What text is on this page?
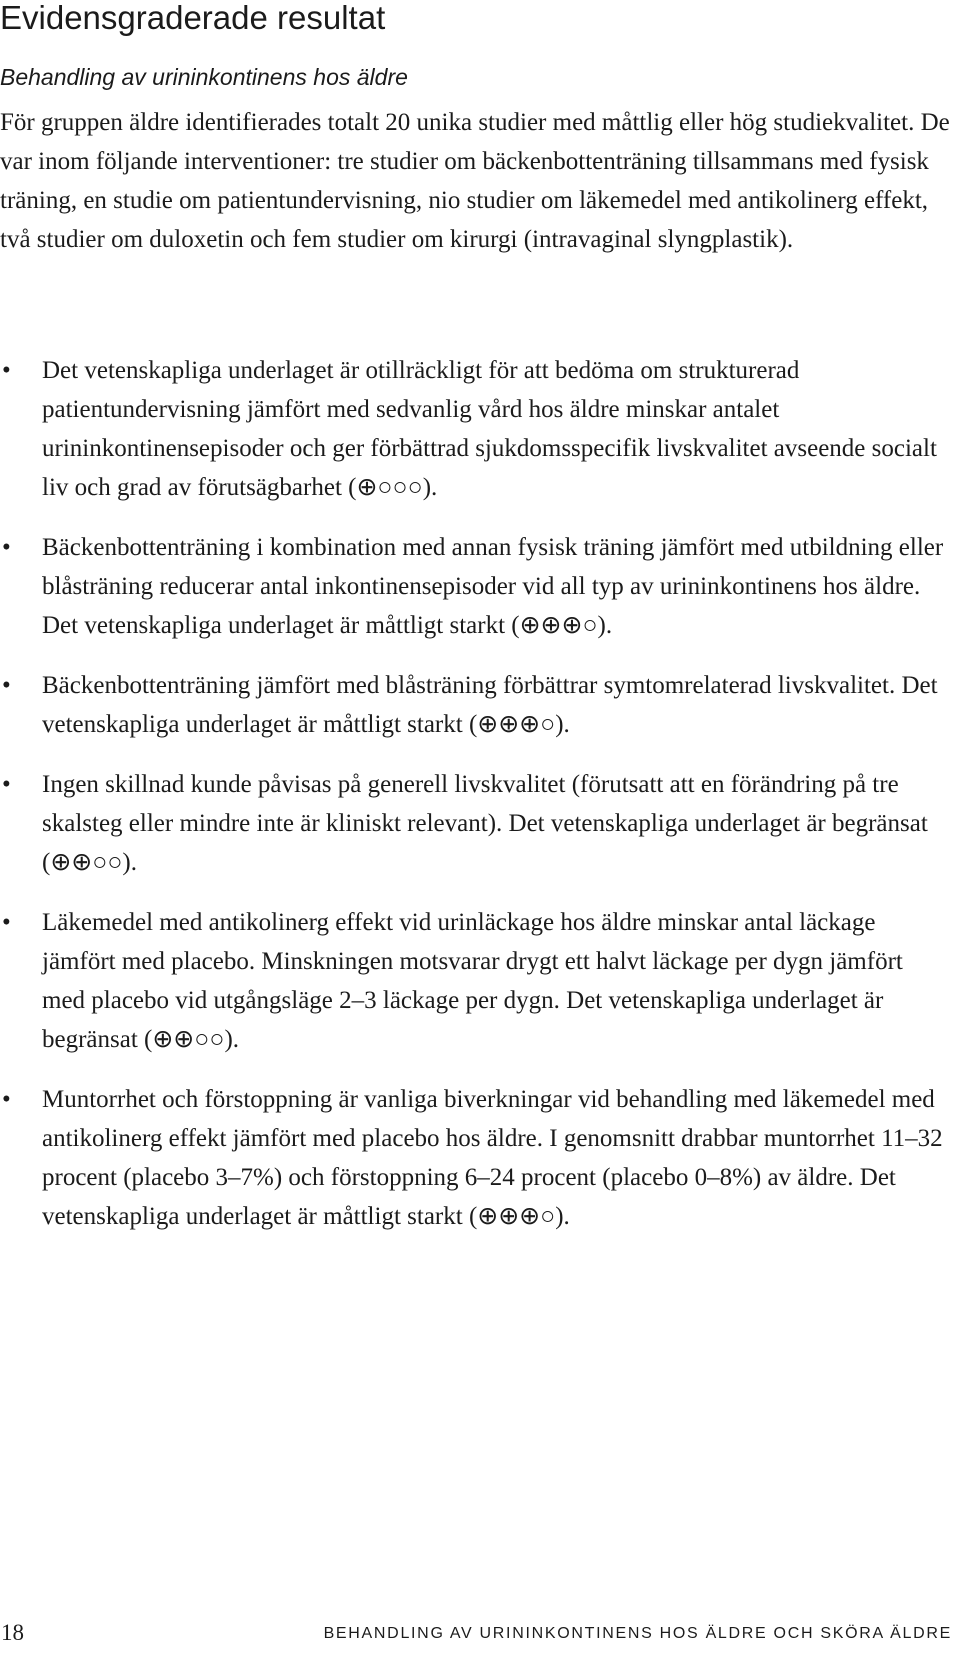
Evidensgraderade resultat
Behandling av urininkontinens hos äldre

För gruppen äldre identifierades totalt 20 unika studier med måttlig eller hög studiekvalitet. De var inom följande interventioner: tre studier om bäckenbottenträning tillsammans med fysisk träning, en studie om patientundervisning, nio studier om läkemedel med antikolinerg effekt, två studier om duloxetin och fem studier om kirurgi (intravaginal slyngplastik).

• Det vetenskapliga underlaget är otillräckligt för att bedöma om strukturerad patientundervisning jämfört med sedvanlig vård hos äldre minskar antalet urininkontinensepisoder och ger förbättrad sjukdomsspecifik livskvalitet avseende socialt liv och grad av förutsägbarhet (⊕○○○).
• Bäckenbottenträning i kombination med annan fysisk träning jämfört med utbildning eller blåsträning reducerar antal inkontinensepisoder vid all typ av urininkontinens hos äldre. Det vetenskapliga underlaget är måttligt starkt (⊕⊕⊕○).
• Bäckenbottenträning jämfört med blåsträning förbättrar symtomrelaterad livskvalitet. Det vetenskapliga underlaget är måttligt starkt (⊕⊕⊕○).
• Ingen skillnad kunde påvisas på generell livskvalitet (förutsatt att en förändring på tre skalsteg eller mindre inte är kliniskt relevant). Det vetenskapliga underlaget är begränsat (⊕⊕○○).
• Läkemedel med antikolinerg effekt vid urinläckage hos äldre minskar antal läckage jämfört med placebo. Minskningen motsvarar drygt ett halvt läckage per dygn jämfört med placebo vid utgångsläge 2–3 läckage per dygn. Det vetenskapliga underlaget är begränsat (⊕⊕○○).
• Muntorrhet och förstoppning är vanliga biverkningar vid behandling med läkemedel med antikolinerg effekt jämfört med placebo hos äldre. I genomsnitt drabbar muntorrhet 11–32 procent (placebo 3–7%) och förstoppning 6–24 procent (placebo 0–8%) av äldre. Det vetenskapliga underlaget är måttligt starkt (⊕⊕⊕○).
18	BEHANDLING AV URININKONTINENS HOS ÄLDRE OCH SKÖRA ÄLDRE
